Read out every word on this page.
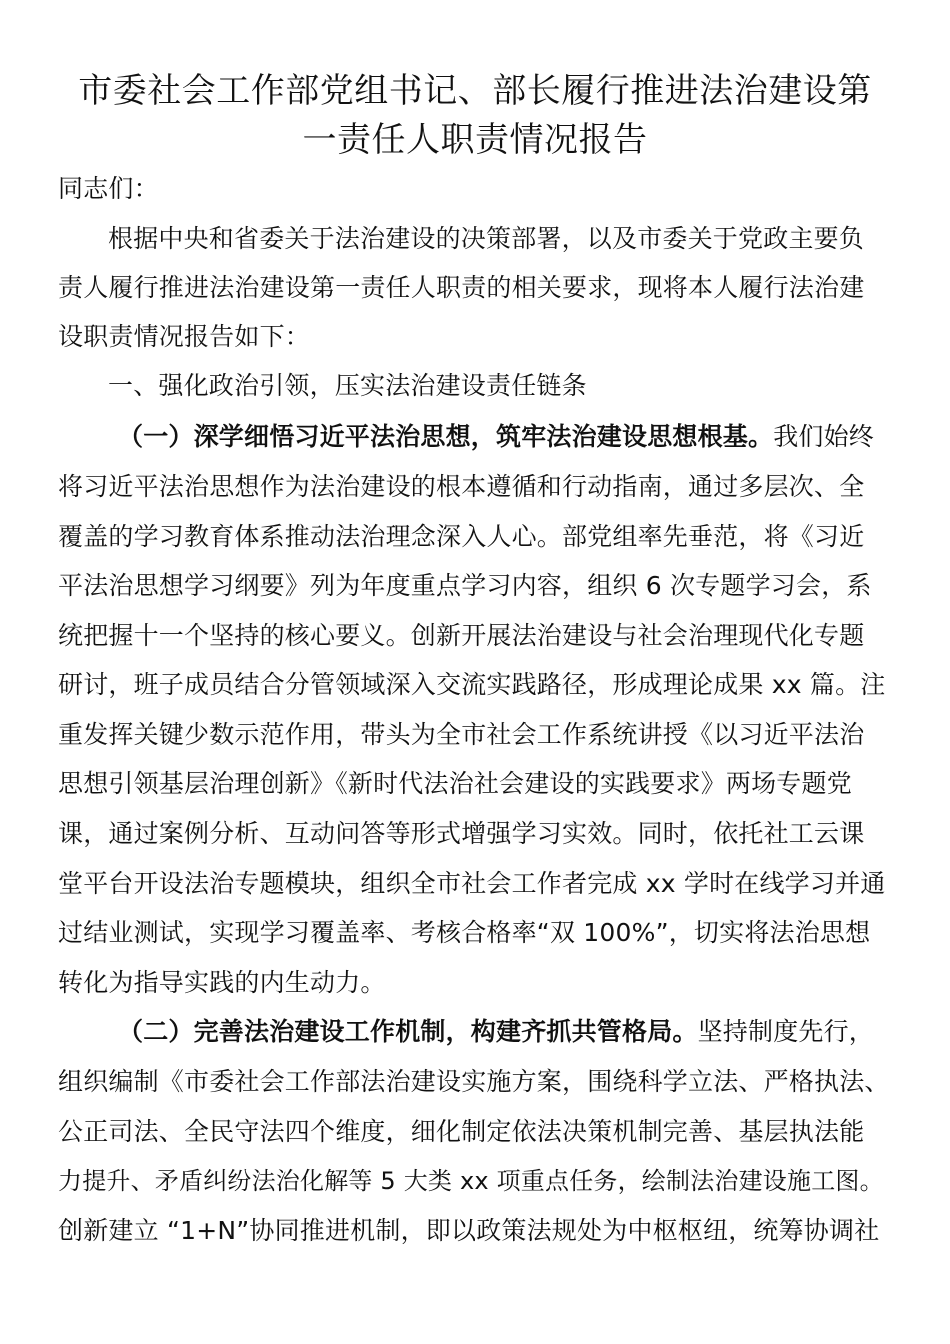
市委社会工作部党组书记、部长履行推进法治建设第
一责任人职责情况报告
同志们：
根据中央和省委关于法治建设的决策部署，以及市委关于党政主要负
责人履行推进法治建设第一责任人职责的相关要求，现将本人履行法治建
设职责情况报告如下：
一、强化政治引领，压实法治建设责任链条
（一）深学细悟习近平法治思想，筑牢法治建设思想根基。我们始终
将习近平法治思想作为法治建设的根本遵循和行动指南，通过多层次、全
覆盖的学习教育体系推动法治理念深入人心。部党组率先垂范，将《习近
平法治思想学习纲要》列为年度重点学习内容，组织 6 次专题学习会，系
统把握十一个坚持的核心要义。创新开展法治建设与社会治理现代化专题
研讨，班子成员结合分管领域深入交流实践路径，形成理论成果 xx 篇。注
重发挥关键少数示范作用，带头为全市社会工作系统讲授《以习近平法治
思想引领基层治理创新》《新时代法治社会建设的实践要求》两场专题党
课，通过案例分析、互动问答等形式增强学习实效。同时，依托社工云课
堂平台开设法治专题模块，组织全市社会工作者完成 xx 学时在线学习并通
过结业测试，实现学习覆盖率、考核合格率“双 100%”，切实将法治思想
转化为指导实践的内生动力。
（二）完善法治建设工作机制，构建齐抓共管格局。坚持制度先行，
组织编制《市委社会工作部法治建设实施方案，围绕科学立法、严格执法、
公正司法、全民守法四个维度，细化制定依法决策机制完善、基层执法能
力提升、矛盾纠纷法治化解等 5 大类 xx 项重点任务，绘制法治建设施工图。
创新建立 “1+N”协同推进机制，即以政策法规处为中枢枢纽，统筹协调社
